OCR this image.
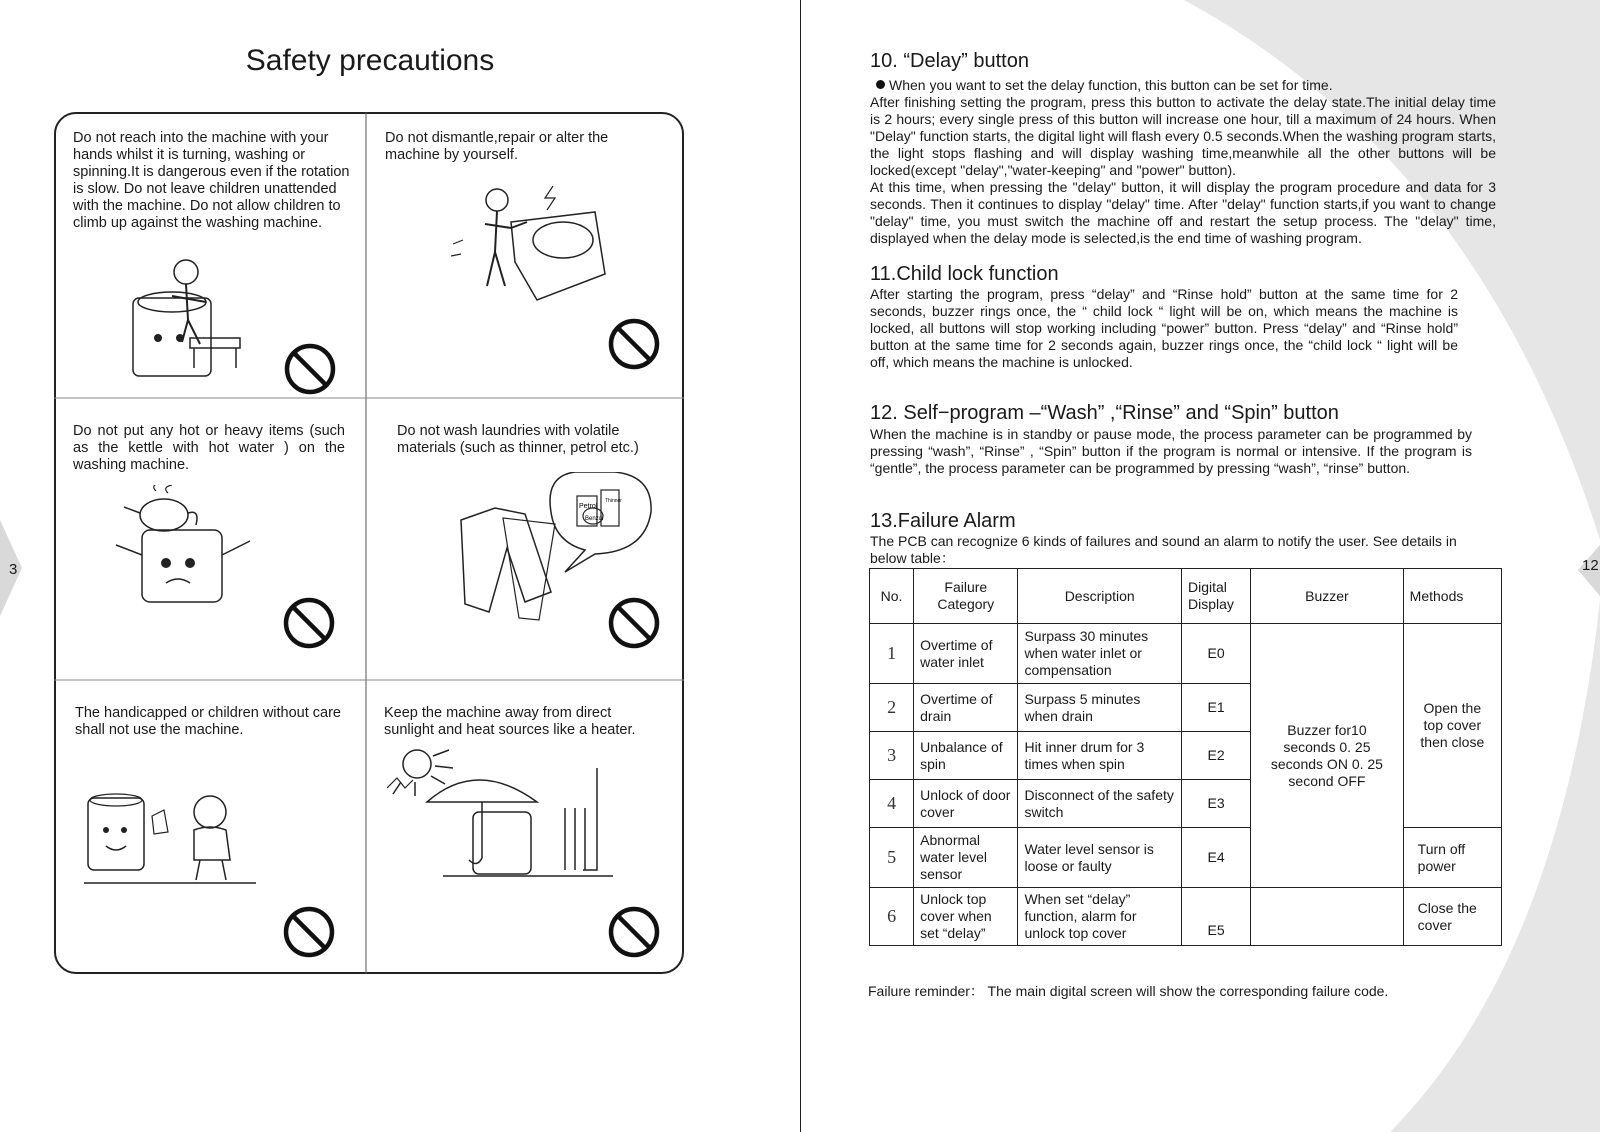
3	12
Safety precautions
Do not reach into the machine with your hands whilst it is turning, washing or spinning.It is dangerous even if the rotation is slow. Do not leave children unattended with the machine. Do not allow children to climb up against the washing machine.
Do not dismantle,repair or alter the machine by yourself.
Do not put any hot or heavy items (such as the kettle with hot water ) on the washing machine.
Do not wash laundries with volatile materials (such as thinner, petrol etc.)
The handicapped or children without care shall not use the machine.
Keep the machine away from direct sunlight and heat sources like a heater.
Petrol
Benzol
Thinner
10. “Delay” button

When you want to set the delay function, this button can be set for time.

After finishing setting the program, press this button to activate the delay state.The initial delay time is 2 hours; every single press of this button will increase one hour, till a maximum of 24 hours. When "Delay" function starts, the digital light will flash every 0.5 seconds.When the washing program starts, the light stops flashing and will display washing time,meanwhile all the other buttons will be locked(except "delay","water-keeping" and "power" button).

At this time, when pressing the "delay" button, it will display the program procedure and data for 3 seconds. Then it continues to display "delay" time. After "delay" function starts,if you want to change "delay" time, you must switch the machine off and restart the setup process. The "delay" time, displayed when the delay mode is selected,is the end time of washing program.

11.Child lock function

After starting the program, press “delay” and “Rinse hold” button at the same time for 2 seconds, buzzer rings once, the “ child lock “ light will be on, which means the machine is locked, all buttons will stop working including “power” button. Press “delay” and “Rinse hold” button at the same time for 2 seconds again, buzzer rings once, the “child lock “ light will be off, which means the machine is unlocked.

12. Self−program –“Wash” ,“Rinse” and “Spin” button

When the machine is in standby or pause mode, the process parameter can be programmed by pressing “wash”, “Rinse” , “Spin” button if the program is normal or intensive. If the program is “gentle”, the process parameter can be programmed by pressing “wash”, “rinse” button.

13.Failure Alarm

The PCB can recognize 6 kinds of failures and sound an alarm to notify the user. See details in below table：

No.	Failure Category	Description	Digital Display	Buzzer	Methods
1	Overtime of water inlet	Surpass 30 minutes when water inlet or compensation	E0	Buzzer for10 seconds 0. 25 seconds ON 0. 25 second OFF	Open the top cover then close
2	Overtime of drain	Surpass 5 minutes when drain	E1		
3	Unbalance of spin	Hit inner drum for 3 times when spin	E2		
4	Unlock of door cover	Disconnect of the safety switch	E3		
5	Abnormal water level sensor	Water level sensor is loose or faulty	E4		Turn off power
6	Unlock top cover when set “delay”	When set “delay” function, alarm for unlock top cover	E5		Close the cover
Failure reminder： The main digital screen will show the corresponding failure code.
